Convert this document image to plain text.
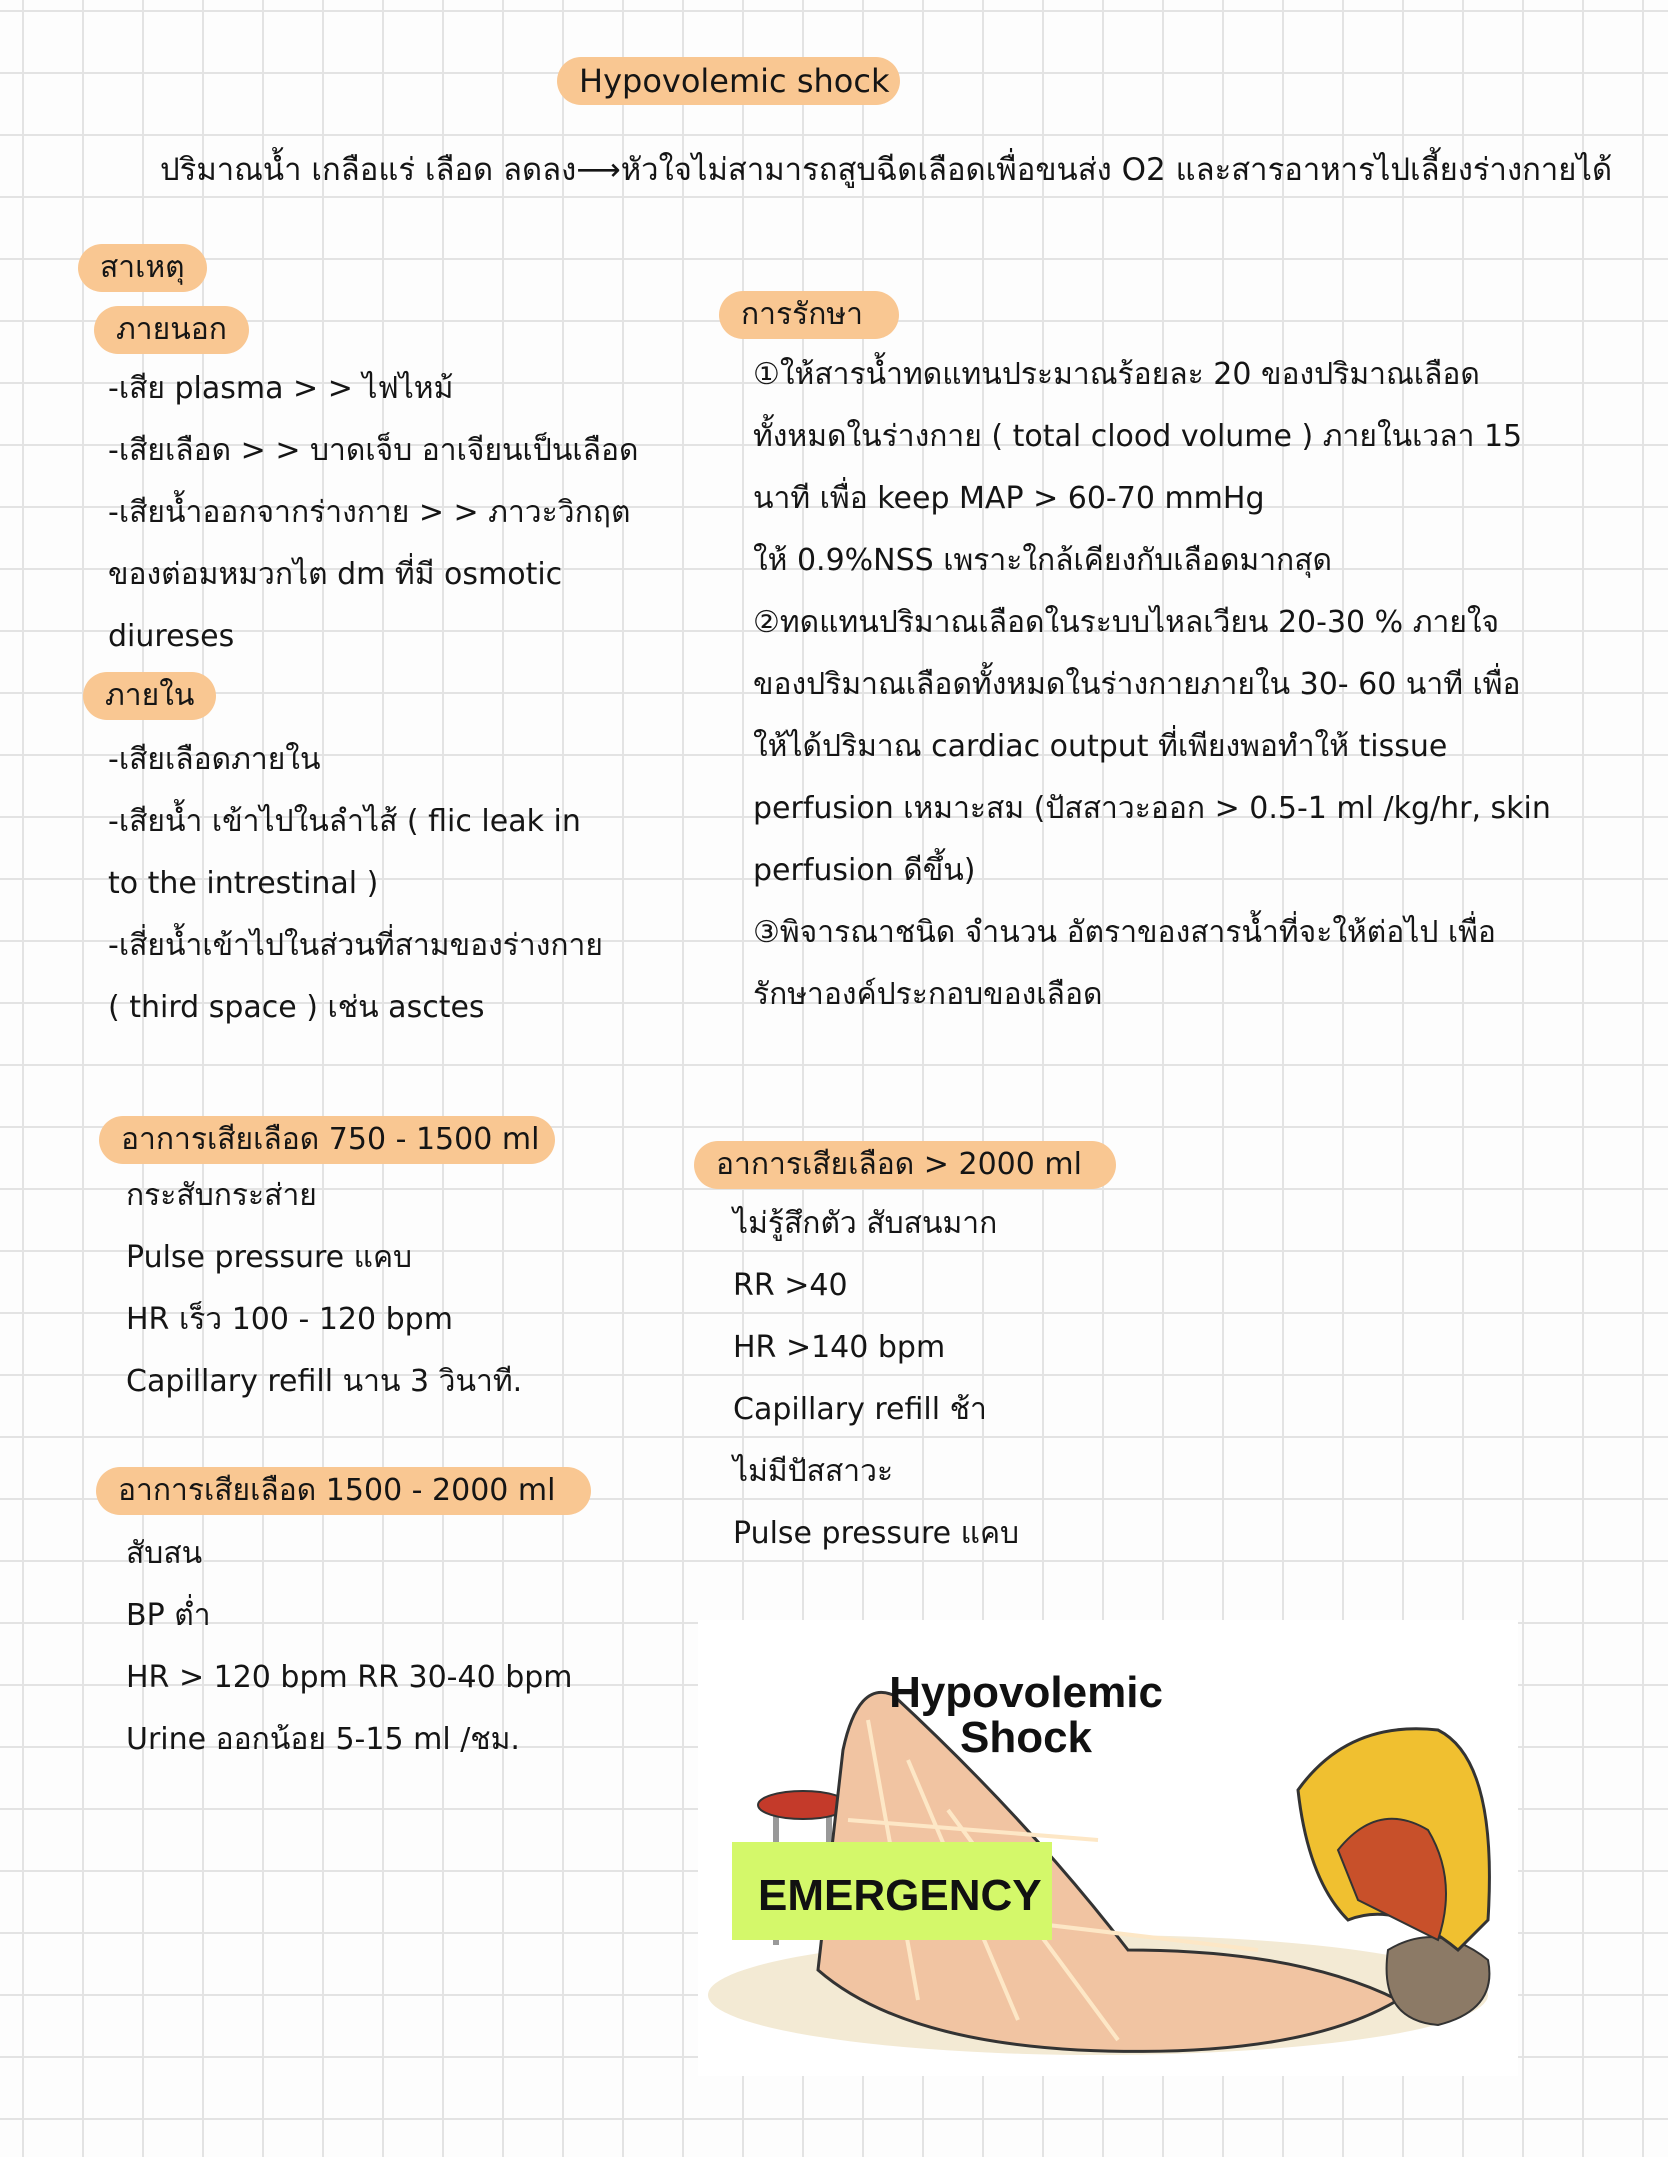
Hypovolemic shock
ปริมาณน้ำ เกลือแร่ เลือด ลดลง⟶หัวใจไม่สามารถสูบฉีดเลือดเพื่อขนส่ง O2 และสารอาหารไปเลี้ยงร่างกายได้
สาเหตุ
ภายนอก
-เสีย plasma > > ไฟไหม้
-เสียเลือด > > บาดเจ็บ อาเจียนเป็นเลือด
-เสียน้ำออกจากร่างกาย > > ภาวะวิกฤต
ของต่อมหมวกไต dm ที่มี osmotic
diureses
ภายใน
-เสียเลือดภายใน
-เสียน้ำ เข้าไปในลำไส้ ( flic leak in
to the intrestinal )
-เสี่ยน้ำเข้าไปในส่วนที่สามของร่างกาย
( third space ) เช่น asctes
การรักษา
①ให้สารน้ำทดแทนประมาณร้อยละ 20 ของปริมาณเลือด
ทั้งหมดในร่างกาย ( total clood volume ) ภายในเวลา 15
นาที เพื่อ keep MAP > 60-70 mmHg
ให้ 0.9%NSS เพราะใกล้เคียงกับเลือดมากสุด
②ทดแทนปริมาณเลือดในระบบไหลเวียน 20-30 % ภายใจ
ของปริมาณเลือดทั้งหมดในร่างกายภายใน 30- 60 นาที เพื่อ
ให้ได้ปริมาณ cardiac output ที่เพียงพอทำให้ tissue
perfusion เหมาะสม (ปัสสาวะออก > 0.5-1 ml /kg/hr, skin
perfusion ดีขึ้น)
③พิจารณาชนิด จำนวน อัตราของสารน้ำที่จะให้ต่อไป เพื่อ
รักษาองค์ประกอบของเลือด
อาการเสียเลือด 750 - 1500 ml
กระสับกระส่าย
Pulse pressure แคบ
HR เร็ว 100 - 120 bpm
Capillary refill นาน 3 วินาที.
อาการเสียเลือด 1500 - 2000 ml
สับสน
BP ต่ำ
HR > 120 bpm RR 30-40 bpm
Urine ออกน้อย 5-15 ml /ชม.
อาการเสียเลือด > 2000 ml
ไม่รู้สึกตัว สับสนมาก
RR >40
HR >140 bpm
Capillary refill ช้า
ไม่มีปัสสาวะ
Pulse pressure แคบ
EMERGENCY
Hypovolemic
Shock
